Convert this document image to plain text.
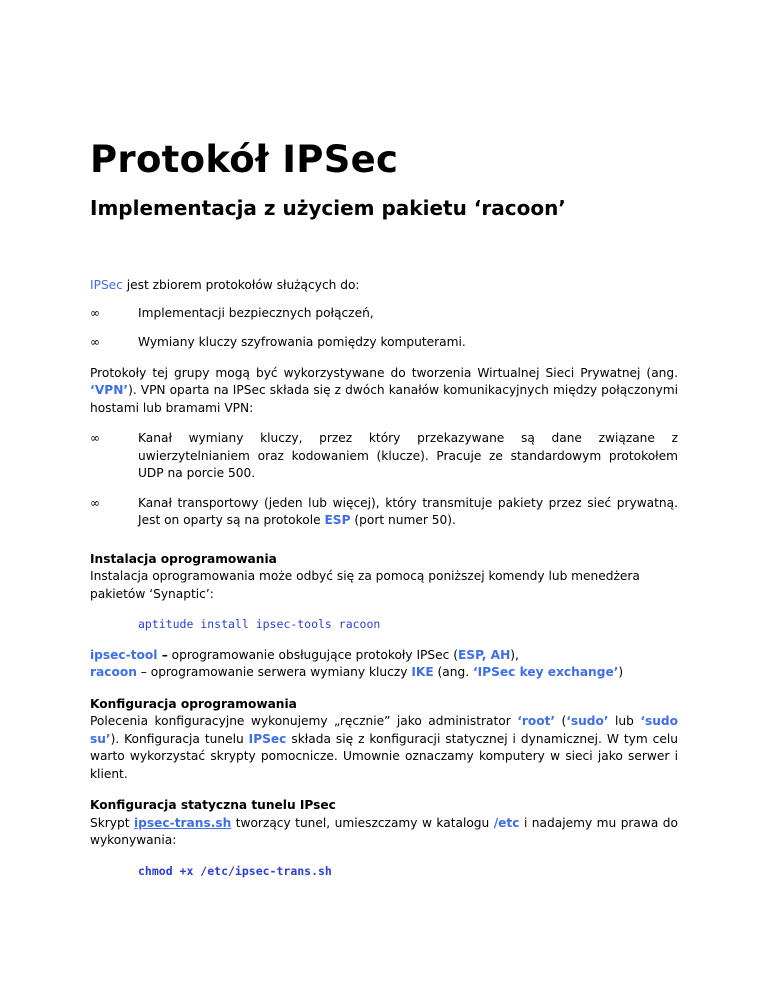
Protokół IPSec
Implementacja z użyciem pakietu ‘racoon’

IPSec jest zbiorem protokołów służących do:

∞	Implementacji bezpiecznych połączeń,
∞	Wymiany kluczy szyfrowania pomiędzy komputerami.

Protokoły tej grupy mogą być wykorzystywane do tworzenia Wirtualnej Sieci Prywatnej (ang. ‘VPN’). VPN oparta na IPSec składa się z dwóch kanałów komunikacyjnych między połączonymi hostami lub bramami VPN:

∞	Kanał wymiany kluczy, przez który przekazywane są dane związane z uwierzytelnianiem oraz kodowaniem (klucze). Pracuje ze standardowym protokołem UDP na porcie 500.
∞	Kanał transportowy (jeden lub więcej), który transmituje pakiety przez sieć prywatną. Jest on oparty są na protokole ESP (port numer 50).

Instalacja oprogramowania

Instalacja oprogramowania może odbyć się za pomocą poniższej komendy lub menedżera pakietów ‘Synaptic’:

aptitude install ipsec-tools racoon

ipsec-tool – oprogramowanie obsługujące protokoły IPSec (ESP, AH),
racoon – oprogramowanie serwera wymiany kluczy IKE (ang. ‘IPSec key exchange’)

Konfiguracja oprogramowania

Polecenia konfiguracyjne wykonujemy „ręcznie” jako administrator ‘root’ (‘sudo’ lub ‘sudo su’). Konfiguracja tunelu IPSec składa się z konfiguracji statycznej i dynamicznej. W tym celu warto wykorzystać skrypty pomocnicze. Umownie oznaczamy komputery w sieci jako serwer i klient.

Konfiguracja statyczna tunelu IPsec

Skrypt ipsec-trans.sh tworzący tunel, umieszczamy w katalogu /etc i nadajemy mu prawa do wykonywania:

chmod +x /etc/ipsec-trans.sh
